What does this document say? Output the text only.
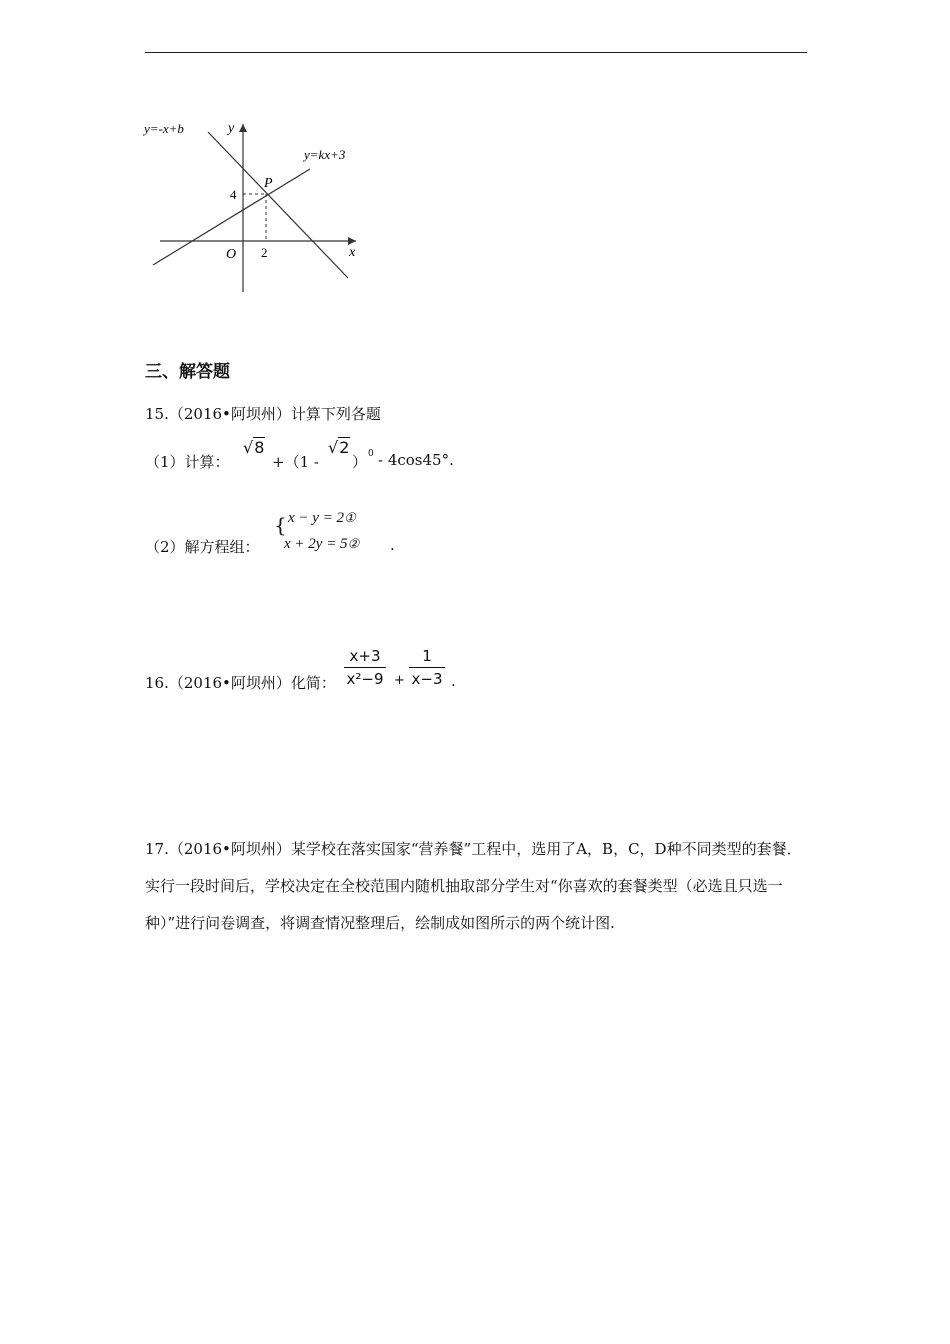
y=-x+b
y=kx+3
y
x
O
P
2
4
三、解答题
15.（2016•阿坝州）计算下列各题
（1）计算：
√8
+（1 -
√2
） 0 - 4cos45°.
（2）解方程组：
{ x − y = 2①
x + 2y = 5② .
16.（2016•阿坝州）化简：
x+3
x²−9 +
1
x−3 .
17.（2016•阿坝州）某学校在落实国家“营养餐”工程中，选用了A，B，C，D种不同类型的套餐．实行一段时间后，学校决定在全校范围内随机抽取部分学生对“你喜欢的套餐类型（必选且只选一种）”进行问卷调查，将调查情况整理后，绘制成如图所示的两个统计图.
